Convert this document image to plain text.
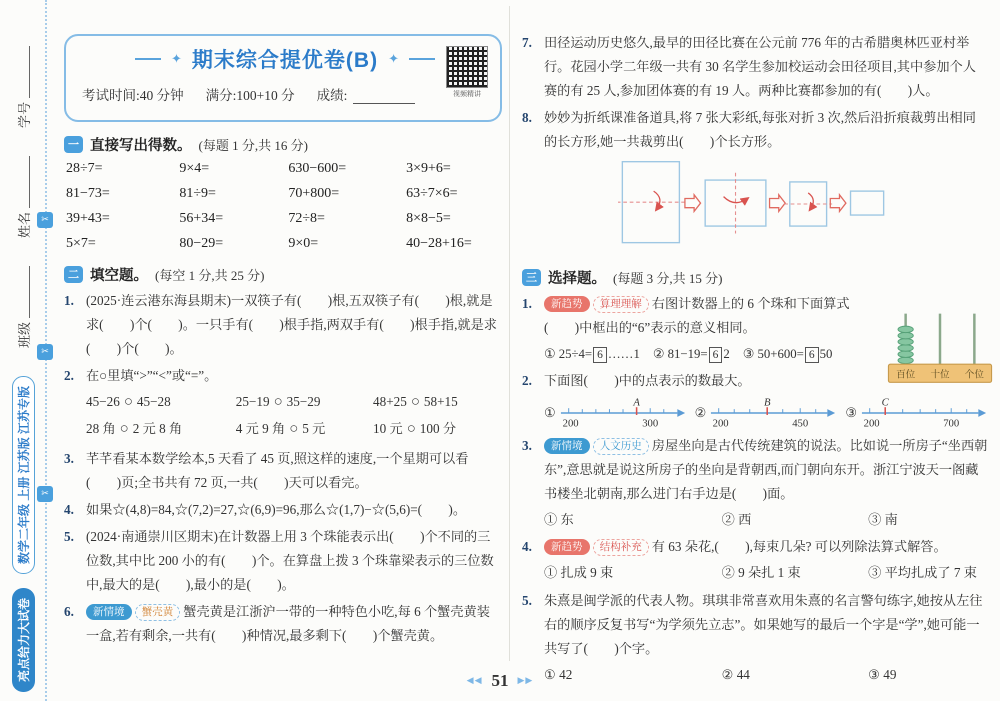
✂
✂
✂
亮点给力大试卷
数学二年级 上册 江苏版 江苏专版
班级
姓名
学号
✦ 期末综合提优卷(B) ✦
考试时间:40 分钟 满分:100+10 分 成绩:	视频精讲
一 直接写出得数。 (每题 1 分,共 16 分)
28÷7=	9×4=	630−600=	3×9+6=
81−73=	81÷9=	70+800=	63÷7×6=
39+43=	56+34=	72÷8=	8×8−5=
5×7=	80−29=	9×0=	40−28+16=
二 填空题。 (每空 1 分,共 25 分)
1. (2025·连云港东海县期末)一双筷子有(　　)根,五双筷子有(　　)根,就是求(　　)个(　　)。一只手有(　　)根手指,两双手有(　　)根手指,就是求(　　)个(　　)。
2. 在○里填“>”“<”或“=”。
45−26 ○ 45−28	25−19 ○ 35−29	48+25 ○ 58+15
28 角 ○ 2 元 8 角	4 元 9 角 ○ 5 元	10 元 ○ 100 分
3. 芊芊看某本数学绘本,5 天看了 45 页,照这样的速度,一个星期可以看(　　)页;全书共有 72 页,一共(　　)天可以看完。
4. 如果☆(4,8)=84,☆(7,2)=27,☆(6,9)=96,那么☆(1,7)−☆(5,6)=(　　)。
5. (2024·南通崇川区期末)在计数器上用 3 个珠能表示出(　　)个不同的三位数,其中比 200 小的有(　　)个。在算盘上拨 3 个珠靠梁表示的三位数中,最大的是(　　),最小的是(　　)。
6.	新情境 蟹壳黄 蟹壳黄是江浙沪一带的一种特色小吃,每 6 个蟹壳黄装一盒,若有剩余,一共有(　　)种情况,最多剩下(　　)个蟹壳黄。
7. 田径运动历史悠久,最早的田径比赛在公元前 776 年的古希腊奥林匹亚村举行。花园小学二年级一共有 30 名学生参加校运动会田径项目,其中参加个人赛的有 25 人,参加团体赛的有 19 人。两种比赛都参加的有(　　)人。
8. 妙妙为折纸课准备道具,将 7 张大彩纸,每张对折 3 次,然后沿折痕裁剪出相同的长方形,她一共裁剪出(　　)个长方形。
三 选择题。 (每题 3 分,共 15 分)
1.	新趋势 算理理解 右图计数器上的 6 个珠和下面算式(　　)中框出的“6”表示的意义相同。
① 25÷4= 6 ……1 ② 81−19= 6 2 ③ 50+600= 6 50
百位 十位 个位
2. 下面图(　　)中的点表示的数最大。
①
A
200	300
②
B
200	450
③
C
200	700
3.	新情境 人文历史 房屋坐向是古代传统建筑的说法。比如说一所房子“坐西朝东”,意思就是说这所房子的坐向是背朝西,而门朝向东开。浙江宁波天一阁藏书楼坐北朝南,那么进门右手边是(　　)面。
① 东	② 西	③ 南
4.	新趋势 结构补充 有 63 朵花,(　　),每束几朵? 可以列除法算式解答。
① 扎成 9 束	② 9 朵扎 1 束	③ 平均扎成了 7 束
5. 朱熹是闽学派的代表人物。琪琪非常喜欢用朱熹的名言警句练字,她按从左往右的顺序反复书写“为学须先立志”。如果她写的最后一个字是“学”,她可能一共写了(　　)个字。
① 42	② 44	③ 49
◀◀ 51 ▶▶
